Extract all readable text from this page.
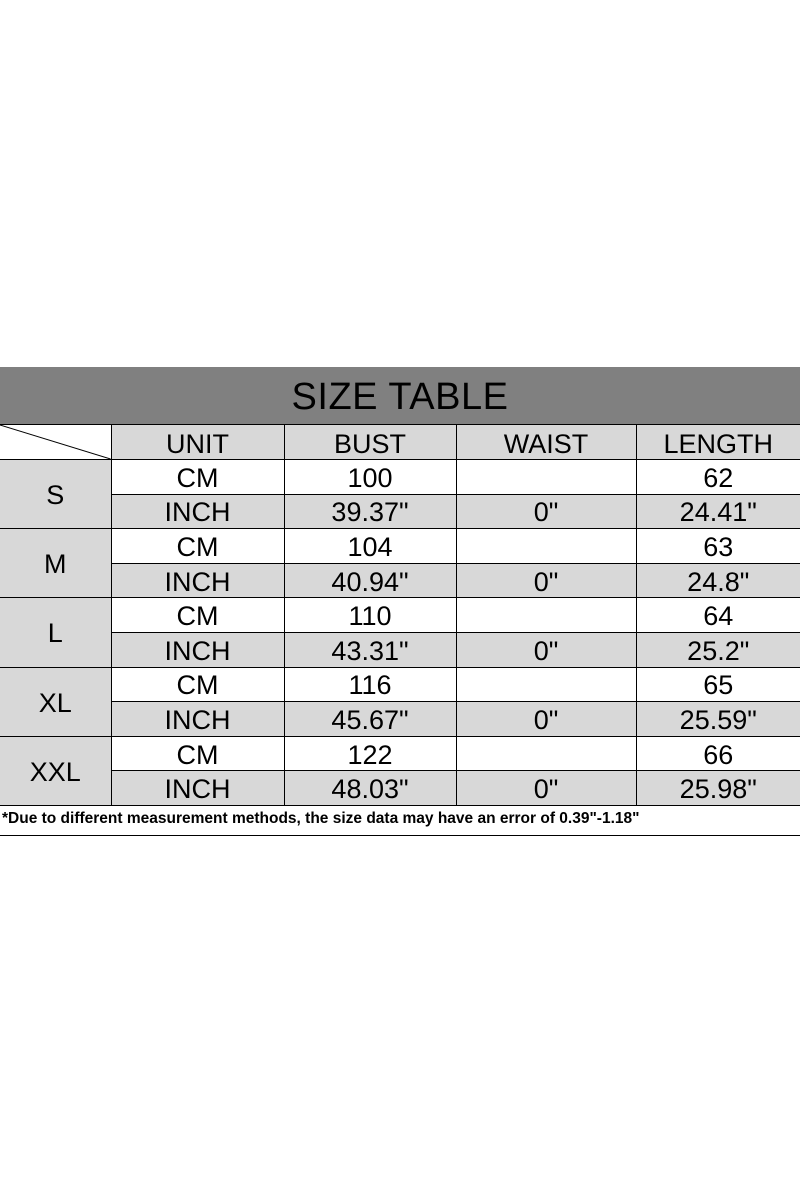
SIZE TABLE
	UNIT	BUST	WAIST	LENGTH
S	CM	100		62
	INCH	39.37"	0"	24.41"
M	CM	104		63
	INCH	40.94"	0"	24.8"
L	CM	110		64
	INCH	43.31"	0"	25.2"
XL	CM	116		65
	INCH	45.67"	0"	25.59"
XXL	CM	122		66
	INCH	48.03"	0"	25.98"
*Due to different measurement methods, the size data may have an error of 0.39"-1.18"
